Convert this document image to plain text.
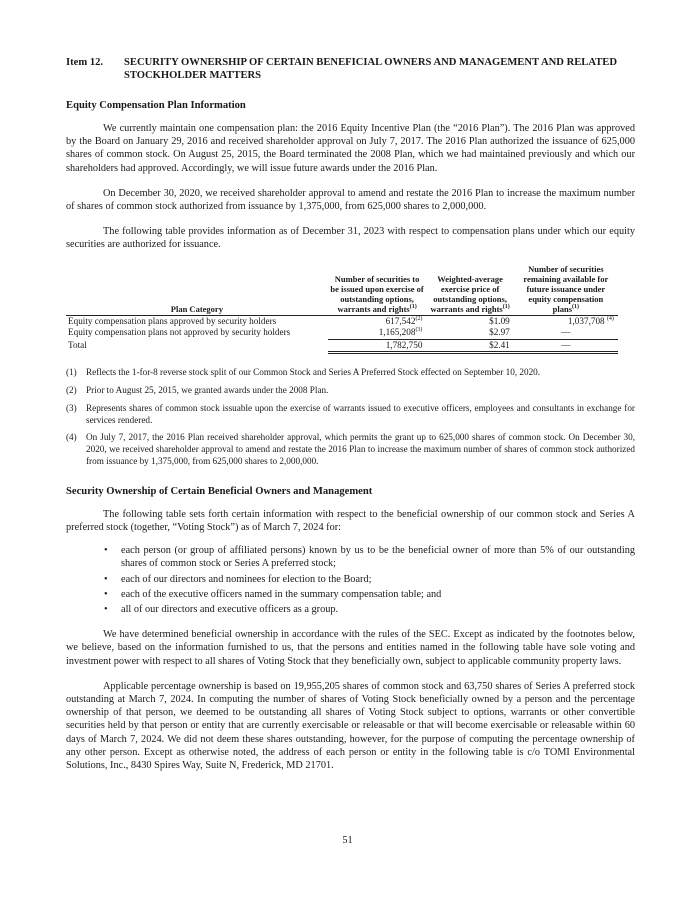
Item 12.	SECURITY OWNERSHIP OF CERTAIN BENEFICIAL OWNERS AND MANAGEMENT AND RELATED STOCKHOLDER MATTERS
Equity Compensation Plan Information

We currently maintain one compensation plan: the 2016 Equity Incentive Plan (the “2016 Plan”). The 2016 Plan was approved by the Board on January 29, 2016 and received shareholder approval on July 7, 2017. The 2016 Plan authorized the issuance of 625,000 shares of common stock. On August 25, 2015, the Board terminated the 2008 Plan, which we had maintained previously and which our shareholders had approved. Accordingly, we will issue future awards under the 2016 Plan.

On December 30, 2020, we received shareholder approval to amend and restate the 2016 Plan to increase the maximum number of shares of common stock authorized from issuance by 1,375,000, from 625,000 shares to 2,000,000.

The following table provides information as of December 31, 2023 with respect to compensation plans under which our equity securities are authorized for issuance.

Plan Category	Number of securities to be issued upon exercise of outstanding options, warrants and rights$^{(1)}$	Weighted-average exercise price of outstanding options, warrants and rights$^{(1)}$	Number of securities remaining available for future issuance under equity compensation plans$^{(1)}$	
Equity compensation plans approved by security holders	617,542$^{(2)}$	$1.09	1,037,708 $^{(4)}$	
Equity compensation plans not approved by security holders	1,165,208$^{(3)}$	$2.97	—	
Total	1,782,750	$2.41	—	
(1)	Reflects the 1-for-8 reverse stock split of our Common Stock and Series A Preferred Stock effected on September 10, 2020.
(2)	Prior to August 25, 2015, we granted awards under the 2008 Plan.
(3)	Represents shares of common stock issuable upon the exercise of warrants issued to executive officers, employees and consultants in exchange for services rendered.
(4)	On July 7, 2017, the 2016 Plan received shareholder approval, which permits the grant up to 625,000 shares of common stock. On December 30, 2020, we received shareholder approval to amend and restate the 2016 Plan to increase the maximum number of shares of common stock authorized from issuance by 1,375,000, from 625,000 shares to 2,000,000.
Security Ownership of Certain Beneficial Owners and Management

The following table sets forth certain information with respect to the beneficial ownership of our common stock and Series A preferred stock (together, “Voting Stock”) as of March 7, 2024 for:

•	each person (or group of affiliated persons) known by us to be the beneficial owner of more than 5% of our outstanding shares of common stock or Series A preferred stock;
•	each of our directors and nominees for election to the Board;
•	each of the executive officers named in the summary compensation table; and
•	all of our directors and executive officers as a group.

We have determined beneficial ownership in accordance with the rules of the SEC. Except as indicated by the footnotes below, we believe, based on the information furnished to us, that the persons and entities named in the following table have sole voting and investment power with respect to all shares of Voting Stock that they beneficially own, subject to applicable community property laws.

Applicable percentage ownership is based on 19,955,205 shares of common stock and 63,750 shares of Series A preferred stock outstanding at March 7, 2024. In computing the number of shares of Voting Stock beneficially owned by a person and the percentage ownership of that person, we deemed to be outstanding all shares of Voting Stock subject to options, warrants or other convertible securities held by that person or entity that are currently exercisable or releasable or that will become exercisable or releasable within 60 days of March 7, 2024. We did not deem these shares outstanding, however, for the purpose of computing the percentage ownership of any other person. Except as otherwise noted, the address of each person or entity in the following table is c/o TOMI Environmental Solutions, Inc., 8430 Spires Way, Suite N, Frederick, MD 21701.

51
